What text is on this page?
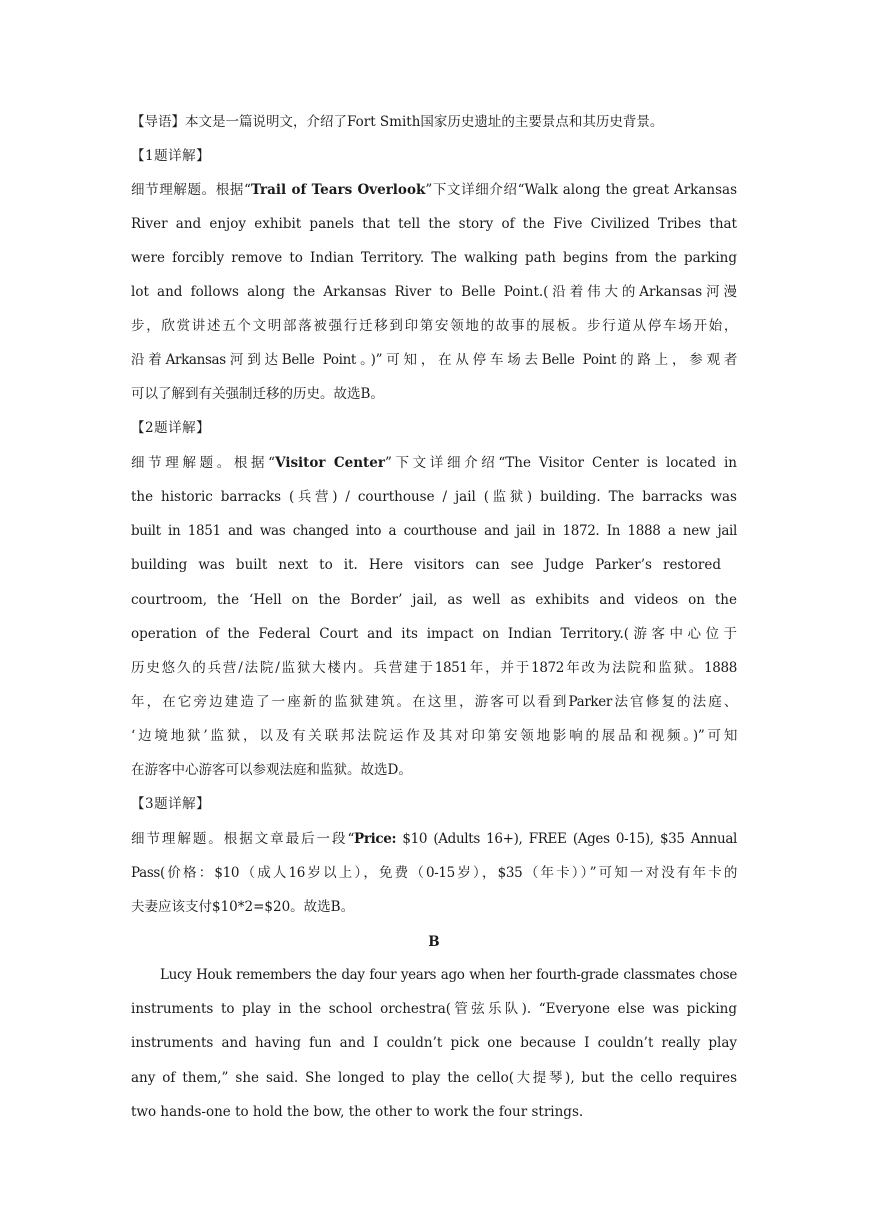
【导语】本文是一篇说明文，介绍了Fort Smith国家历史遗址的主要景点和其历史背景。
【1题详解】
细节理解题。根据“Trail of Tears Overlook”下文详细介绍“Walk along the great Arkansas
River and enjoy exhibit panels that tell the story of the Five Civilized Tribes that
were forcibly remove to Indian Territory. The walking path begins from the parking
lot and follows along the Arkansas River to Belle Point.(沿着伟大的Arkansas河漫
步，欣赏讲述五个文明部落被强行迁移到印第安领地的故事的展板。步行道从停车场开始，
沿着Arkansas河到达Belle Point。)”可知，在从停车场去Belle Point的路上，参观者
可以了解到有关强制迁移的历史。故选B。
【2题详解】
细节理解题。根据“Visitor Center”下文详细介绍“The Visitor Center is located in
the historic barracks (兵营) / courthouse / jail (监狱) building. The barracks was
built in 1851 and was changed into a courthouse and jail in 1872. In 1888 a new jail
building was built next to it. Here visitors can see Judge Parker’s restored
courtroom, the ‘Hell on the Border’ jail, as well as exhibits and videos on the
operation of the Federal Court and its impact on Indian Territory.(游客中心位于
历史悠久的兵营/法院/监狱大楼内。兵营建于1851年，并于1872年改为法院和监狱。1888
年，在它旁边建造了一座新的监狱建筑。在这里，游客可以看到Parker法官修复的法庭、
‘边境地狱’监狱，以及有关联邦法院运作及其对印第安领地影响的展品和视频。)”可知
在游客中心游客可以参观法庭和监狱。故选D。
【3题详解】
细节理解题。根据文章最后一段“Price: $10 (Adults 16+), FREE (Ages 0-15), $35 Annual
Pass(价格：$10（成人16岁以上），免费（0-15岁），$35（年卡））”可知一对没有年卡的
夫妻应该支付$10*2=$20。故选B。
B
Lucy Houk remembers the day four years ago when her fourth-grade classmates chose
instruments to play in the school orchestra(管弦乐队). “Everyone else was picking
instruments and having fun and I couldn’t pick one because I couldn’t really play
any of them,” she said. She longed to play the cello(大提琴), but the cello requires
two hands-one to hold the bow, the other to work the four strings.
